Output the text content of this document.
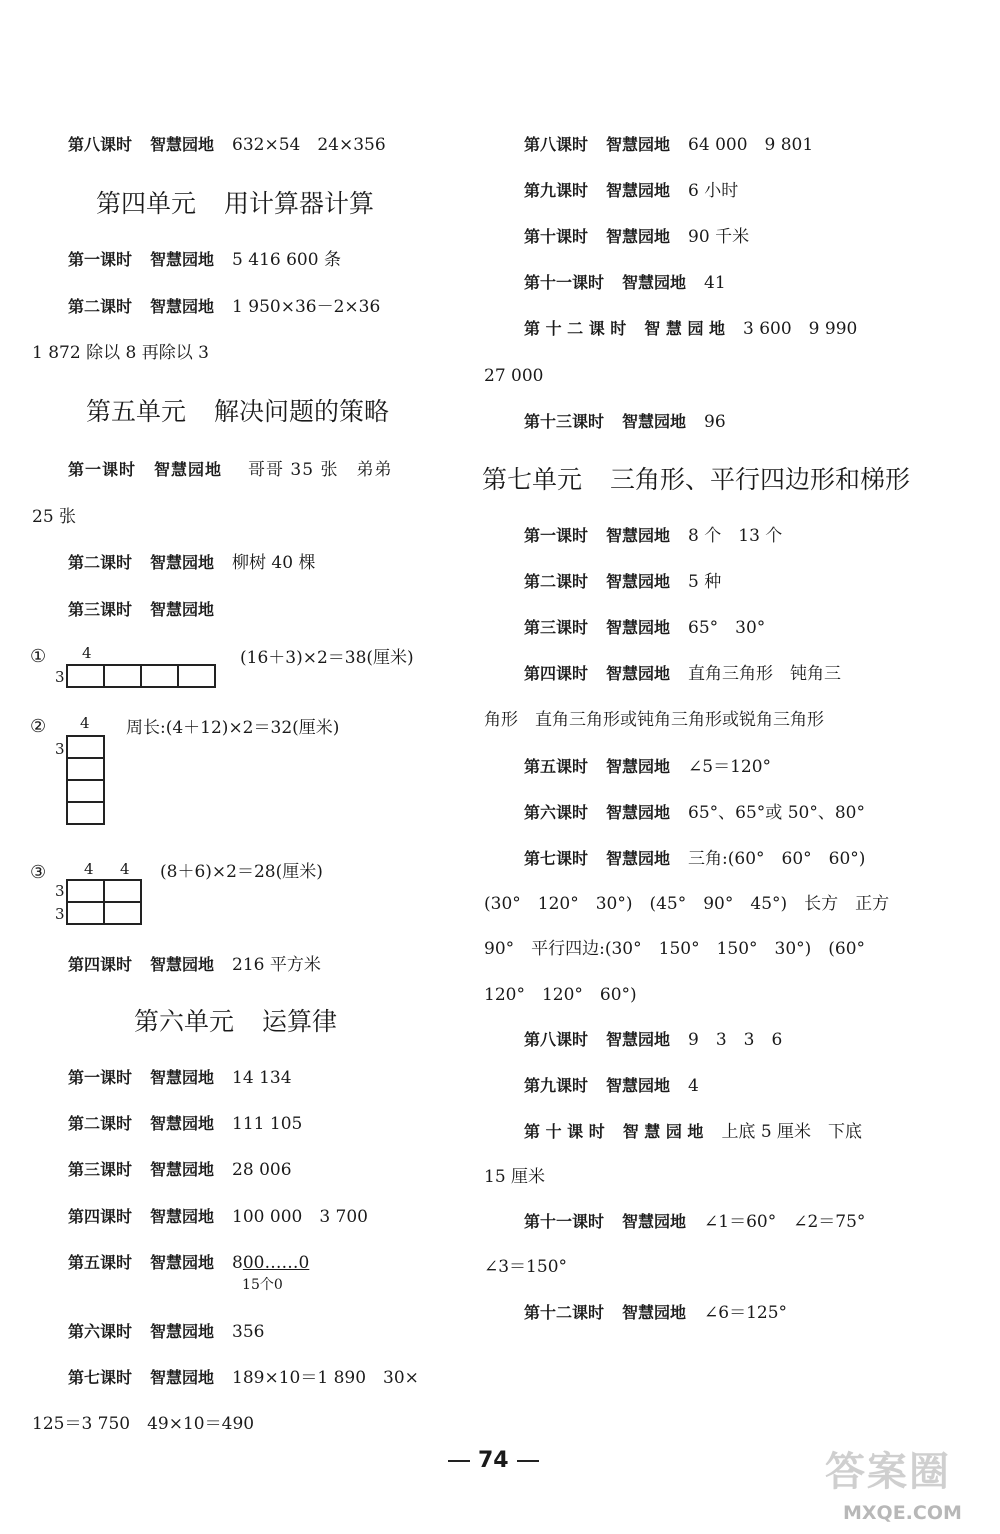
第八课时 智慧园地 632×54　24×356
第四单元 用计算器计算
第一课时 智慧园地 5 416 600 条
第二课时 智慧园地 1 950×36－2×36
1 872 除以 8 再除以 3
第五单元 解决问题的策略
第一课时 智慧园地 哥哥 35 张　弟弟
25 张
第二课时 智慧园地 柳树 40 棵
第三课时 智慧园地
① 4
3

(16＋3)×2＝38(厘米)
② 4
3

周长:(4＋12)×2＝32(厘米)
③	4 4
3
3

(8＋6)×2＝28(厘米)
第四课时 智慧园地 216 平方米
第六单元 运算律
第一课时 智慧园地 14 134
第二课时 智慧园地 111 105
第三课时 智慧园地 28 006
第四课时 智慧园地 100 000　3 700
第五课时 智慧园地 800……0
15个0
第六课时 智慧园地 356
第七课时 智慧园地 189×10＝1 890　30×
125＝3 750　49×10＝490
第八课时 智慧园地 64 000　9 801
第九课时 智慧园地 6 小时
第十课时 智慧园地 90 千米
第十一课时 智慧园地 41
第 十 二 课 时 智 慧 园 地 3 600　9 990
27 000
第十三课时 智慧园地 96
第七单元 三角形、平行四边形和梯形
第一课时 智慧园地 8 个　13 个
第二课时 智慧园地 5 种
第三课时 智慧园地 65°　30°
第四课时 智慧园地 直角三角形　钝角三
角形　直角三角形或钝角三角形或锐角三角形
第五课时 智慧园地 ∠5＝120°
第六课时 智慧园地 65°、65°或 50°、80°
第七课时 智慧园地 三角:(60°　60°　60°)
(30°　120°　30°)　(45°　90°　45°)　长方　正方
90°　平行四边:(30°　150°　150°　30°)　(60°
120°　120°　60°)
第八课时 智慧园地 9　3　3　6
第九课时 智慧园地 4
第 十 课 时 智 慧 园 地 上底 5 厘米　下底
15 厘米
第十一课时 智慧园地 ∠1＝60°　∠2＝75°
∠3＝150°
第十二课时 智慧园地 ∠6＝125°
74	答案圈
MXQE.COM
